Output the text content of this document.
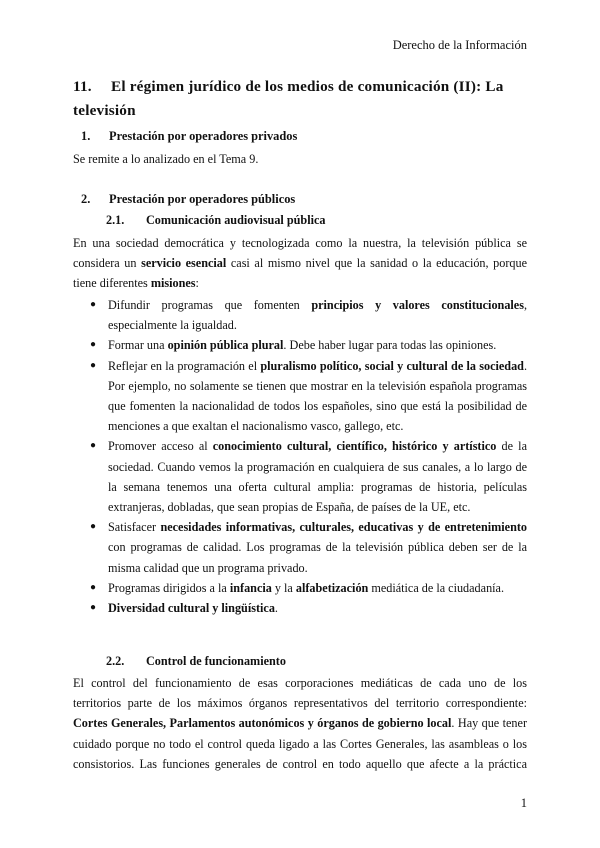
Derecho de la Información
11. El régimen jurídico de los medios de comunicación (II): La televisión
1. Prestación por operadores privados
Se remite a lo analizado en el Tema 9.
2. Prestación por operadores públicos
2.1. Comunicación audiovisual pública
En una sociedad democrática y tecnologizada como la nuestra, la televisión pública se considera un servicio esencial casi al mismo nivel que la sanidad o la educación, porque tiene diferentes misiones:
● Difundir programas que fomenten principios y valores constitucionales, especialmente la igualdad.
● Formar una opinión pública plural. Debe haber lugar para todas las opiniones.
● Reflejar en la programación el pluralismo político, social y cultural de la sociedad. Por ejemplo, no solamente se tienen que mostrar en la televisión española programas que fomenten la nacionalidad de todos los españoles, sino que está la posibilidad de menciones a que exaltan el nacionalismo vasco, gallego, etc.
● Promover acceso al conocimiento cultural, científico, histórico y artístico de la sociedad. Cuando vemos la programación en cualquiera de sus canales, a lo largo de la semana tenemos una oferta cultural amplia: programas de historia, películas extranjeras, dobladas, que sean propias de España, de países de la UE, etc.
● Satisfacer necesidades informativas, culturales, educativas y de entretenimiento con programas de calidad. Los programas de la televisión pública deben ser de la misma calidad que un programa privado.
● Programas dirigidos a la infancia y la alfabetización mediática de la ciudadanía.
● Diversidad cultural y lingüística.
2.2. Control de funcionamiento
El control del funcionamiento de esas corporaciones mediáticas de cada uno de los territorios parte de los máximos órganos representativos del territorio correspondiente: Cortes Generales, Parlamentos autonómicos y órganos de gobierno local. Hay que tener cuidado porque no todo el control queda ligado a las Cortes Generales, las asambleas o los consistorios. Las funciones generales de control en todo aquello que afecte a la práctica
1
